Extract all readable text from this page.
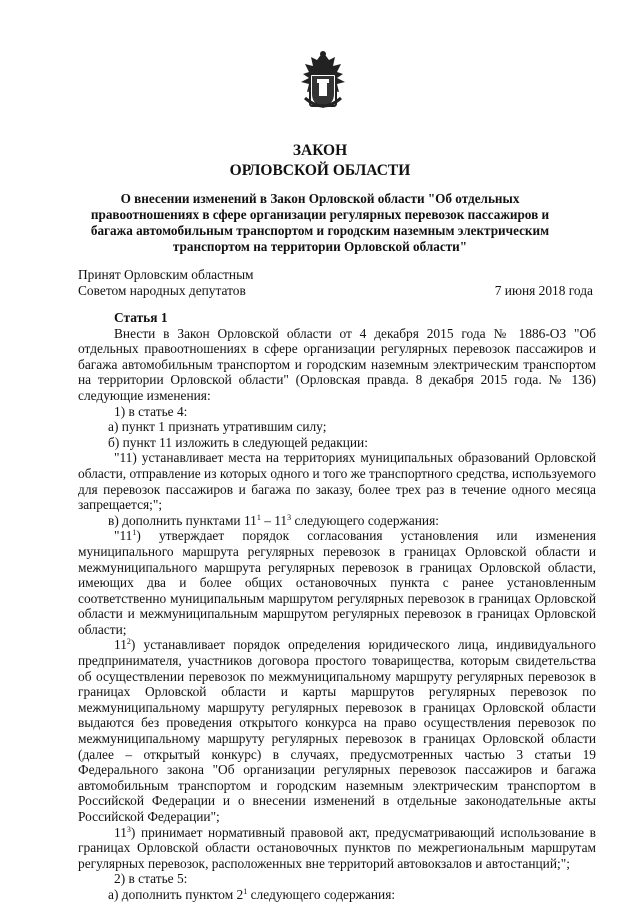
ЗАКОН
ОРЛОВСКОЙ ОБЛАСТИ
О внесении изменений в Закон Орловской области "Об отдельных правоотношениях в сфере организации регулярных перевозок пассажиров и багажа автомобильным транспортом и городским наземным электрическим транспортом на территории Орловской области"
Принят Орловским областным
Советом народных депутатов	7 июня 2018 года

Статья 1

Внести в Закон Орловской области от 4 декабря 2015 года № 1886-ОЗ "Об отдельных правоотношениях в сфере организации регулярных перевозок пассажиров и багажа автомобильным транспортом и городским наземным электрическим транспортом на территории Орловской области" (Орловская правда. 8 декабря 2015 года. № 136) следующие изменения:

1) в статье 4:

а) пункт 1 признать утратившим силу;

б) пункт 11 изложить в следующей редакции:

"11) устанавливает места на территориях муниципальных образований Орловской области, отправление из которых одного и того же транспортного средства, используемого для перевозок пассажиров и багажа по заказу, более трех раз в течение одного месяца запрещается;";

в) дополнить пунктами $11^1 - 11^3$ следующего содержания:

"$11^1$) утверждает порядок согласования установления или изменения муниципального маршрута регулярных перевозок в границах Орловской области и межмуниципального маршрута регулярных перевозок в границах Орловской области, имеющих два и более общих остановочных пункта с ранее установленным соответственно муниципальным маршрутом регулярных перевозок в границах Орловской области и межмуниципальным маршрутом регулярных перевозок в границах Орловской области;

$11^2$) устанавливает порядок определения юридического лица, индивидуального предпринимателя, участников договора простого товарищества, которым свидетельства об осуществлении перевозок по межмуниципальному маршруту регулярных перевозок в границах Орловской области и карты маршрутов регулярных перевозок по межмуниципальному маршруту регулярных перевозок в границах Орловской области выдаются без проведения открытого конкурса на право осуществления перевозок по межмуниципальному маршруту регулярных перевозок в границах Орловской области (далее – открытый конкурс) в случаях, предусмотренных частью 3 статьи 19 Федерального закона "Об организации регулярных перевозок пассажиров и багажа автомобильным транспортом и городским наземным электрическим транспортом в Российской Федерации и о внесении изменений в отдельные законодательные акты Российской Федерации";

$11^3$) принимает нормативный правовой акт, предусматривающий использование в границах Орловской области остановочных пунктов по межрегиональным маршрутам регулярных перевозок, расположенных вне территорий автовокзалов и автостанций;";

2) в статье 5:

а) дополнить пунктом $2^1$ следующего содержания:
